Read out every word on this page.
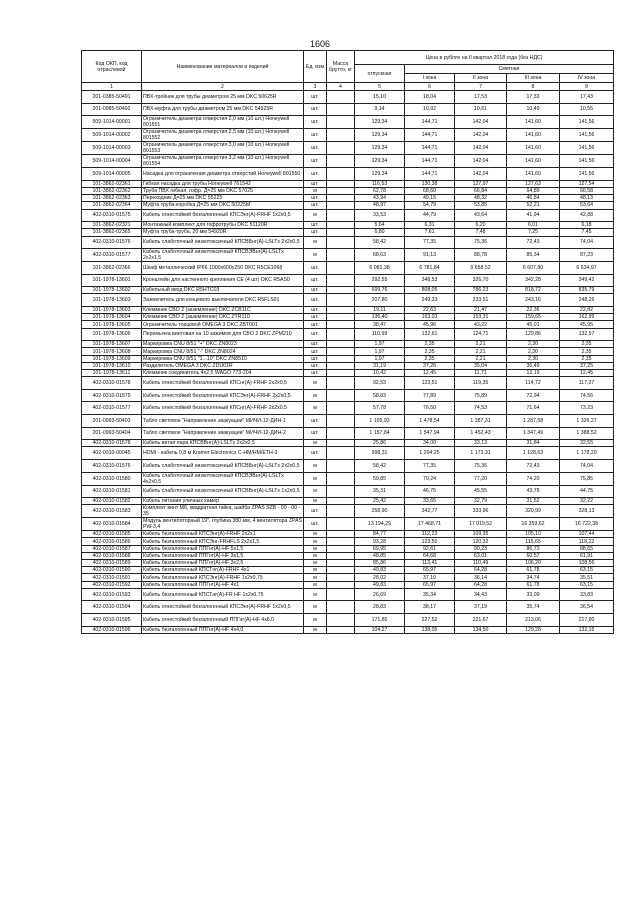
1606
Код ОКП, код отраслевой	Наименование материалов и изделий	Ед. изм	Масса брутто, кг	Цена в рублях на II квартал 2018 года (без НДС)				
				отпускная	Сметная			
					I зона	II зона	III зона	IV зона
1	2	3	4	5	6	7	8	9
201-0385-50491	ПВХ-тройник для трубы диаметром 25 мм DKC 50625R	шт.		15,10	18,04	17,53	17,33	17,43
201-0985-50492	ПВХ-муфта для трубы диаметром 25 мм DKC 54925R	шт.		9,14	10,92	10,61	10,49	10,55
509-1014-00001	Ограничитель диаметра отверстия 2,0 мм (10 шт.) Honeywell 801551	шт.		129,34	144,71	142,04	141,60	141,56
509-1014-00002	Ограничитель диаметра отверстия 2,5 мм (10 шт.) Honeywell 801552	шт.		129,34	144,71	142,04	141,60	141,56
509-1014-00003	Ограничитель диаметра отверстия 3,0 мм (10 шт.) Honeywell 801553	шт.		129,34	144,71	142,04	141,60	141,56
509-1014-00004	Ограничитель диаметра отверстия 3,2 мм (10 шт.) Honeywell 801554	шт.		129,34	144,71	142,04	141,60	141,56
509-1014-00005	Насадка для ограничения диаметра отверстий Honeywell 801550	шт.		129,34	144,71	142,04	141,60	141,56
101-3862-02361	Гибкая насадка для трубы Honeywell 761542	шт.		116,53	130,38	127,97	127,63	127,54
101-3862-02362	Труба ПВХ гибкая, гофр. Д=25 мм DKC 57025	м		62,78	68,60	66,84	64,89	66,58
101-3862-02363	Переходник Д=25 мм DKC 55225	шт.		43,94	49,15	48,32	46,84	48,13
101-3862-02364	Муфта труба-коробка Д=25 мм DKC 50225M	шт.		48,97	54,79	53,85	52,21	53,64
402-0310-01575	Кабель огнестойкий безгалогенный КПСЭнг(А)-FRHF 1x2x0,5	м		33,53	44,79	43,64	41,94	42,88
101-3862-02321	Монтажный комплект для гофротрубы DKC 51120R	шт.		5,64	6,31	6,20	6,01	6,18
101-3862-02365	Муфта труба-труба, 20 мм 54920R	шт.		6,80	7,61	7,48	7,25	7,45
402-0310-01576	Кабель слаботочный низкотоксичный КПСВВнг(А)-LSLTx 2x2x0,5	м		58,42	77,35	75,36	72,43	74,04
402-0310-01577	Кабель слаботочный низкотоксичный КПСВЭВнг(А)-LSLTx 2x2x1,5	м		68,63	91,13	88,78	85,34	87,23
101-3862-02366	Шкаф металлический IP66 1000x600x250 DKC R5CE1068	шт.		6 081,38	6 781,84	6 658,52	6 607,80	6 634,97
101-1978-13601	Кронштейн для настенного крепления CE (4 шт) DKC R5AS0	шт.		292,55	348,53	326,70	342,28	349,42
101-1978-13602	Кабельный ввод DKC R5HTC03	шт.		699,76	808,05	786,23	818,72	835,79
101-1978-13603	Заземлитель для концевого выключателя DKC R5FLS01	шт.		207,80	249,33	233,51	243,16	248,26
101-1978-13603	Клеммник CBO 2 (заземление) DKC ZCB11C	шт.		19,11	22,63	21,47	22,36	22,82
101-1978-13604	Клеммник CBO 2 (заземление) DKC ZTR110	шт.		136,40	163,03	153,31	159,65	162,99
101-1978-13605	Ограничитель торцевой OMEGA 3 DKC ZBT001	шт.		38,47	45,96	43,22	45,01	45,95
101-1978-13606	Перемычка винтовая на 10 зажимов для CBO 2 DKC ZPM210	шт.		110,99	132,61	124,71	129,86	132,57
101-1978-13607	Маркировка CNU 8/51 "+" DKC ZN8023	шт.		1,97	2,35	2,21	2,30	2,35
101-1978-13608	Маркировка CNU 8/51 "-" DKC ZN8024	шт.		1,97	2,35	2,21	2,30	2,35
101-1978-13609	Маркировка CNU 8/51 "1...10" DKC ZN8510	шт.		1,97	2,35	2,21	2,30	2,35
101-1978-13610	Разделитель OMEGA 3 DKC ZDU01R	шт.		31,19	37,26	35,04	36,49	37,25
101-1978-13611	Клеммник соединитель 4x2,5 WAGO 773-204	шт.		10,42	12,45	11,71	12,19	12,45
402-0310-01578	Кабель огнестойкий безгалогенный КПСнг(А)-FRHF 2x2x0,5	м		92,53	123,51	119,35	114,72	117,27
402-0310-01579	Кабель огнестойкий безгалогенный КПСЭнг(А)-FRHF 2x2x0,5	м		58,83	77,89	75,89	72,94	74,56
402-0310-01577	Кабель огнестойкий безгалогенный КПСнг(А)-FRHF 2x2x0,5	м		57,78	76,50	74,53	71,64	73,23
201-0993-50403	Табло световое "Направление эвакуации" МИЧИ-12-ДИН-1	шт.		1 105,93	1 478,54	1 387,31	1 287,58	1 326,27
201-0993-50404	Табло световое "Направление эвакуации" МИЧИ-12-ДИН-2	шт.		1 157,84	1 547,94	1 452,43	1 347,49	1 388,52
402-0310-01578	Кабель витая пара КПСВВнг(А)-LSLTx 2x2x0,5	м		25,86	34,00	33,13	31,84	32,55
402-0310-00045	HDMI - кабель 0,8 м Kramer Electronics C-HM/HM/ETH-3	шт.		998,31	1 204,25	1 173,31	1 128,63	1 178,20
402-0310-01576	Кабель слаботочный низкотоксичный КПСВВнг(А)-LSLTx 2x2x0,5	м		58,42	77,35	75,36	72,43	74,04
402-0310-01580	Кабель слаботочный низкотоксичный КПСВЭВнг(А)-LSLTx 4x2x0,5	м		59,85	79,24	77,20	74,20	75,85
402-0310-01581	Кабель слаботочный низкотоксичный КПСВВнг(А)-LSLTx 1x2x0,5	м		35,31	46,75	45,55	43,78	44,75
402-0310-01582	Кабель питания уличных камер	м		25,42	33,65	32,79	31,52	32,22
402-0310-01583	Комплект винт М6, квадратная гайка, шайба ZPAS SZB - 00 - 00 - 35	шт.		258,90	342,77	333,96	320,99	328,13
402-0310-01584	Модуль вентиляторный 19", глубина 380 мм, 4 вентилятора ZPAS PW-3,4	шт.		13 194,29	17 468,71	17 019,52	16 359,62	16 722,38
402-0310-01585	Кабель безгалогенный КПСЭнг(А)-FRHF 2x2x1	м		84,77	112,23	109,35	105,10	107,44
402-0310-01586	Кабель безгалогенный КПСЭнг-FRHFLS 2x2x1,5	м		93,28	123,50	120,32	115,65	118,22
402-0310-01587	Кабель безгалогенный ППГнг(А)-HF 5x1,5	м		69,95	92,61	90,23	86,73	88,65
402-0310-01588	Кабель безгалогенный ППГнг(А)-HF 3x1,5	м		48,85	64,68	63,01	60,57	61,91
402-0310-01589	Кабель безгалогенный ППГнг(А)-HF 3x2,5	м		85,86	113,41	110,49	106,20	108,56
402-0310-01590	Кабель безгалогенный КПСТнг(А)-FRHF 4x1	м		49,83	65,97	64,28	61,78	63,15
402-0310-01591	Кабель безгалогенный КПСЭнг(А)-FRHF 1x2x0,75	м		28,02	37,10	36,14	34,74	35,51
402-0310-01592	Кабель безгалогенный ППГнг(А)-HF 4x1	м		49,83	65,97	64,28	61,78	63,15
402-0310-01593	Кабель безгалогенный КПСТнг(А)-FR HF 1x2x0,75	м		26,69	35,34	34,43	33,09	33,83
402-0310-01594	Кабель огнестойкий безгалогенный КПСЭнг(А)-FRHF 1x2x0,5	м		28,83	38,17	37,19	35,74	36,54
402-0310-01595	Кабель огнестойкий безгалогенный ППГнг(А)-HF 4x6,0	м		171,85	227,52	221,67	213,06	217,80
402-0310-01596	Кабель безгалогенный ППГнг(А)-HF 4x4,0	м		104,27	138,05	134,50	129,28	132,15
